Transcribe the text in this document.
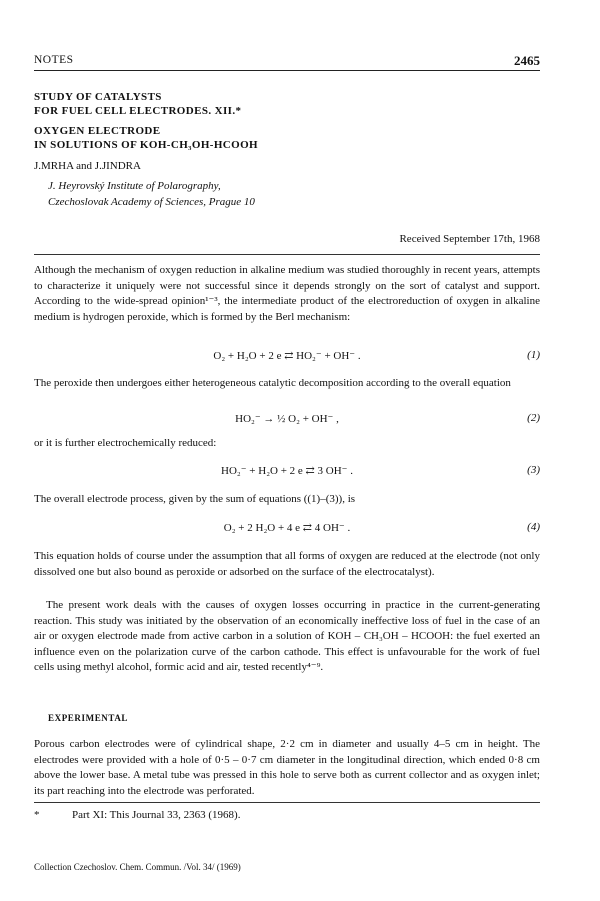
NOTES	2465
STUDY OF CATALYSTS
FOR FUEL CELL ELECTRODES. XII.*
OXYGEN ELECTRODE
IN SOLUTIONS OF KOH-CH₃OH-HCOOH
J.MRHA and J.JINDRA
J. Heyrovský Institute of Polarography,
Czechoslovak Academy of Sciences, Prague 10
Received September 17th, 1968
Although the mechanism of oxygen reduction in alkaline medium was studied thoroughly in recent years, attempts to characterize it uniquely were not successful since it depends strongly on the sort of catalyst and support. According to the wide-spread opinion¹⁻³, the intermediate product of the electroreduction of oxygen in alkaline medium is hydrogen peroxide, which is formed by the Berl mechanism:
O₂ + H₂O + 2 e ⇄ HO₂⁻ + OH⁻ .	(1)
The peroxide then undergoes either heterogeneous catalytic decomposition according to the overall equation
HO₂⁻ → ½ O₂ + OH⁻ ,	(2)
or it is further electrochemically reduced:
HO₂⁻ + H₂O + 2 e ⇄ 3 OH⁻ .	(3)
The overall electrode process, given by the sum of equations ((1)–(3)), is
O₂ + 2 H₂O + 4 e ⇄ 4 OH⁻ .	(4)
This equation holds of course under the assumption that all forms of oxygen are reduced at the electrode (not only dissolved one but also bound as peroxide or adsorbed on the surface of the electrocatalyst).
The present work deals with the causes of oxygen losses occurring in practice in the current-generating reaction. This study was initiated by the observation of an economically ineffective loss of fuel in the case of an air or oxygen electrode made from active carbon in a solution of KOH – CH₃OH – HCOOH: the fuel exerted an influence even on the polarization curve of the carbon cathode. This effect is unfavourable for the work of fuel cells using methyl alcohol, formic acid and air, tested recently⁴⁻⁹.
EXPERIMENTAL
Porous carbon electrodes were of cylindrical shape, 2·2 cm in diameter and usually 4–5 cm in height. The electrodes were provided with a hole of 0·5 – 0·7 cm diameter in the longitudinal direction, which ended 0·8 cm above the lower base. A metal tube was pressed in this hole to serve both as current collector and as oxygen inlet; its part reaching into the electrode was perforated.
*	Part XI: This Journal 33, 2363 (1968).
Collection Czechoslov. Chem. Commun. /Vol. 34/ (1969)
